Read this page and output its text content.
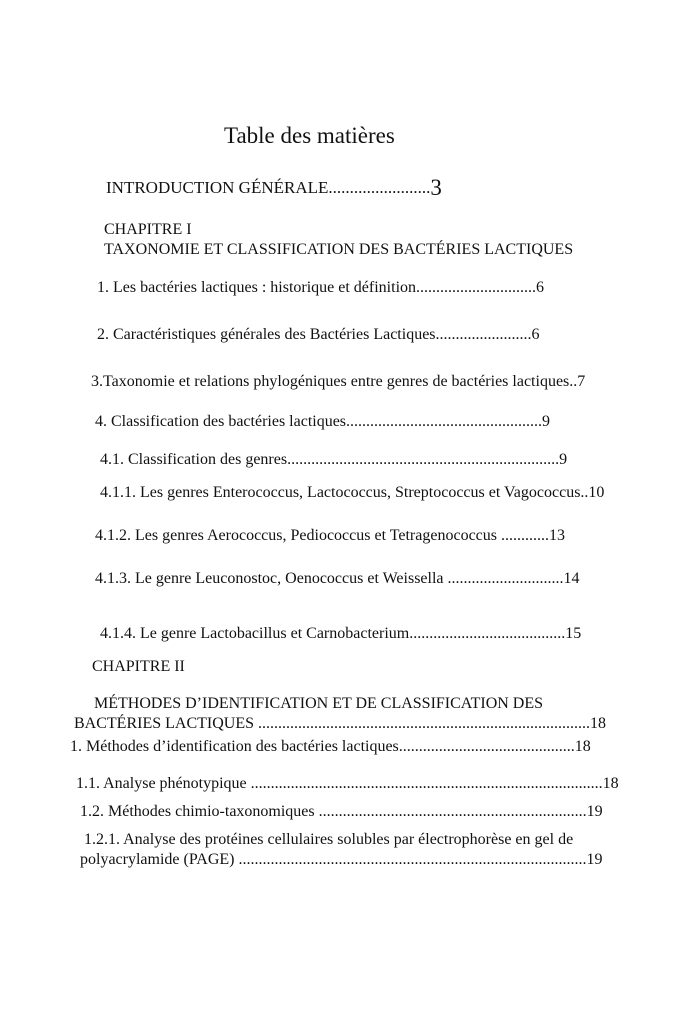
Table des matières
INTRODUCTION GÉNÉRALE........................3
CHAPITRE I
TAXONOMIE ET CLASSIFICATION DES BACTÉRIES LACTIQUES
1. Les bactéries lactiques : historique et définition..............................6
2. Caractéristiques générales des Bactéries Lactiques........................6
3.Taxonomie et relations phylogéniques entre genres de bactéries lactiques..7
4. Classification des bactéries lactiques.................................................9
4.1. Classification des genres....................................................................9
4.1.1. Les genres Enterococcus, Lactococcus, Streptococcus et Vagococcus..10
4.1.2. Les genres Aerococcus, Pediococcus et Tetragenococcus ............13
4.1.3. Le genre Leuconostoc, Oenococcus et Weissella .............................14
4.1.4. Le genre Lactobacillus et Carnobacterium.......................................15
CHAPITRE II
MÉTHODES D’IDENTIFICATION ET DE CLASSIFICATION DES
BACTÉRIES LACTIQUES ...................................................................................18
1. Méthodes d’identification des bactéries lactiques............................................18
1.1. Analyse phénotypique ........................................................................................18
1.2. Méthodes chimio-taxonomiques ...................................................................19
1.2.1. Analyse des protéines cellulaires solubles par électrophorèse en gel de
polyacrylamide (PAGE) .......................................................................................19
